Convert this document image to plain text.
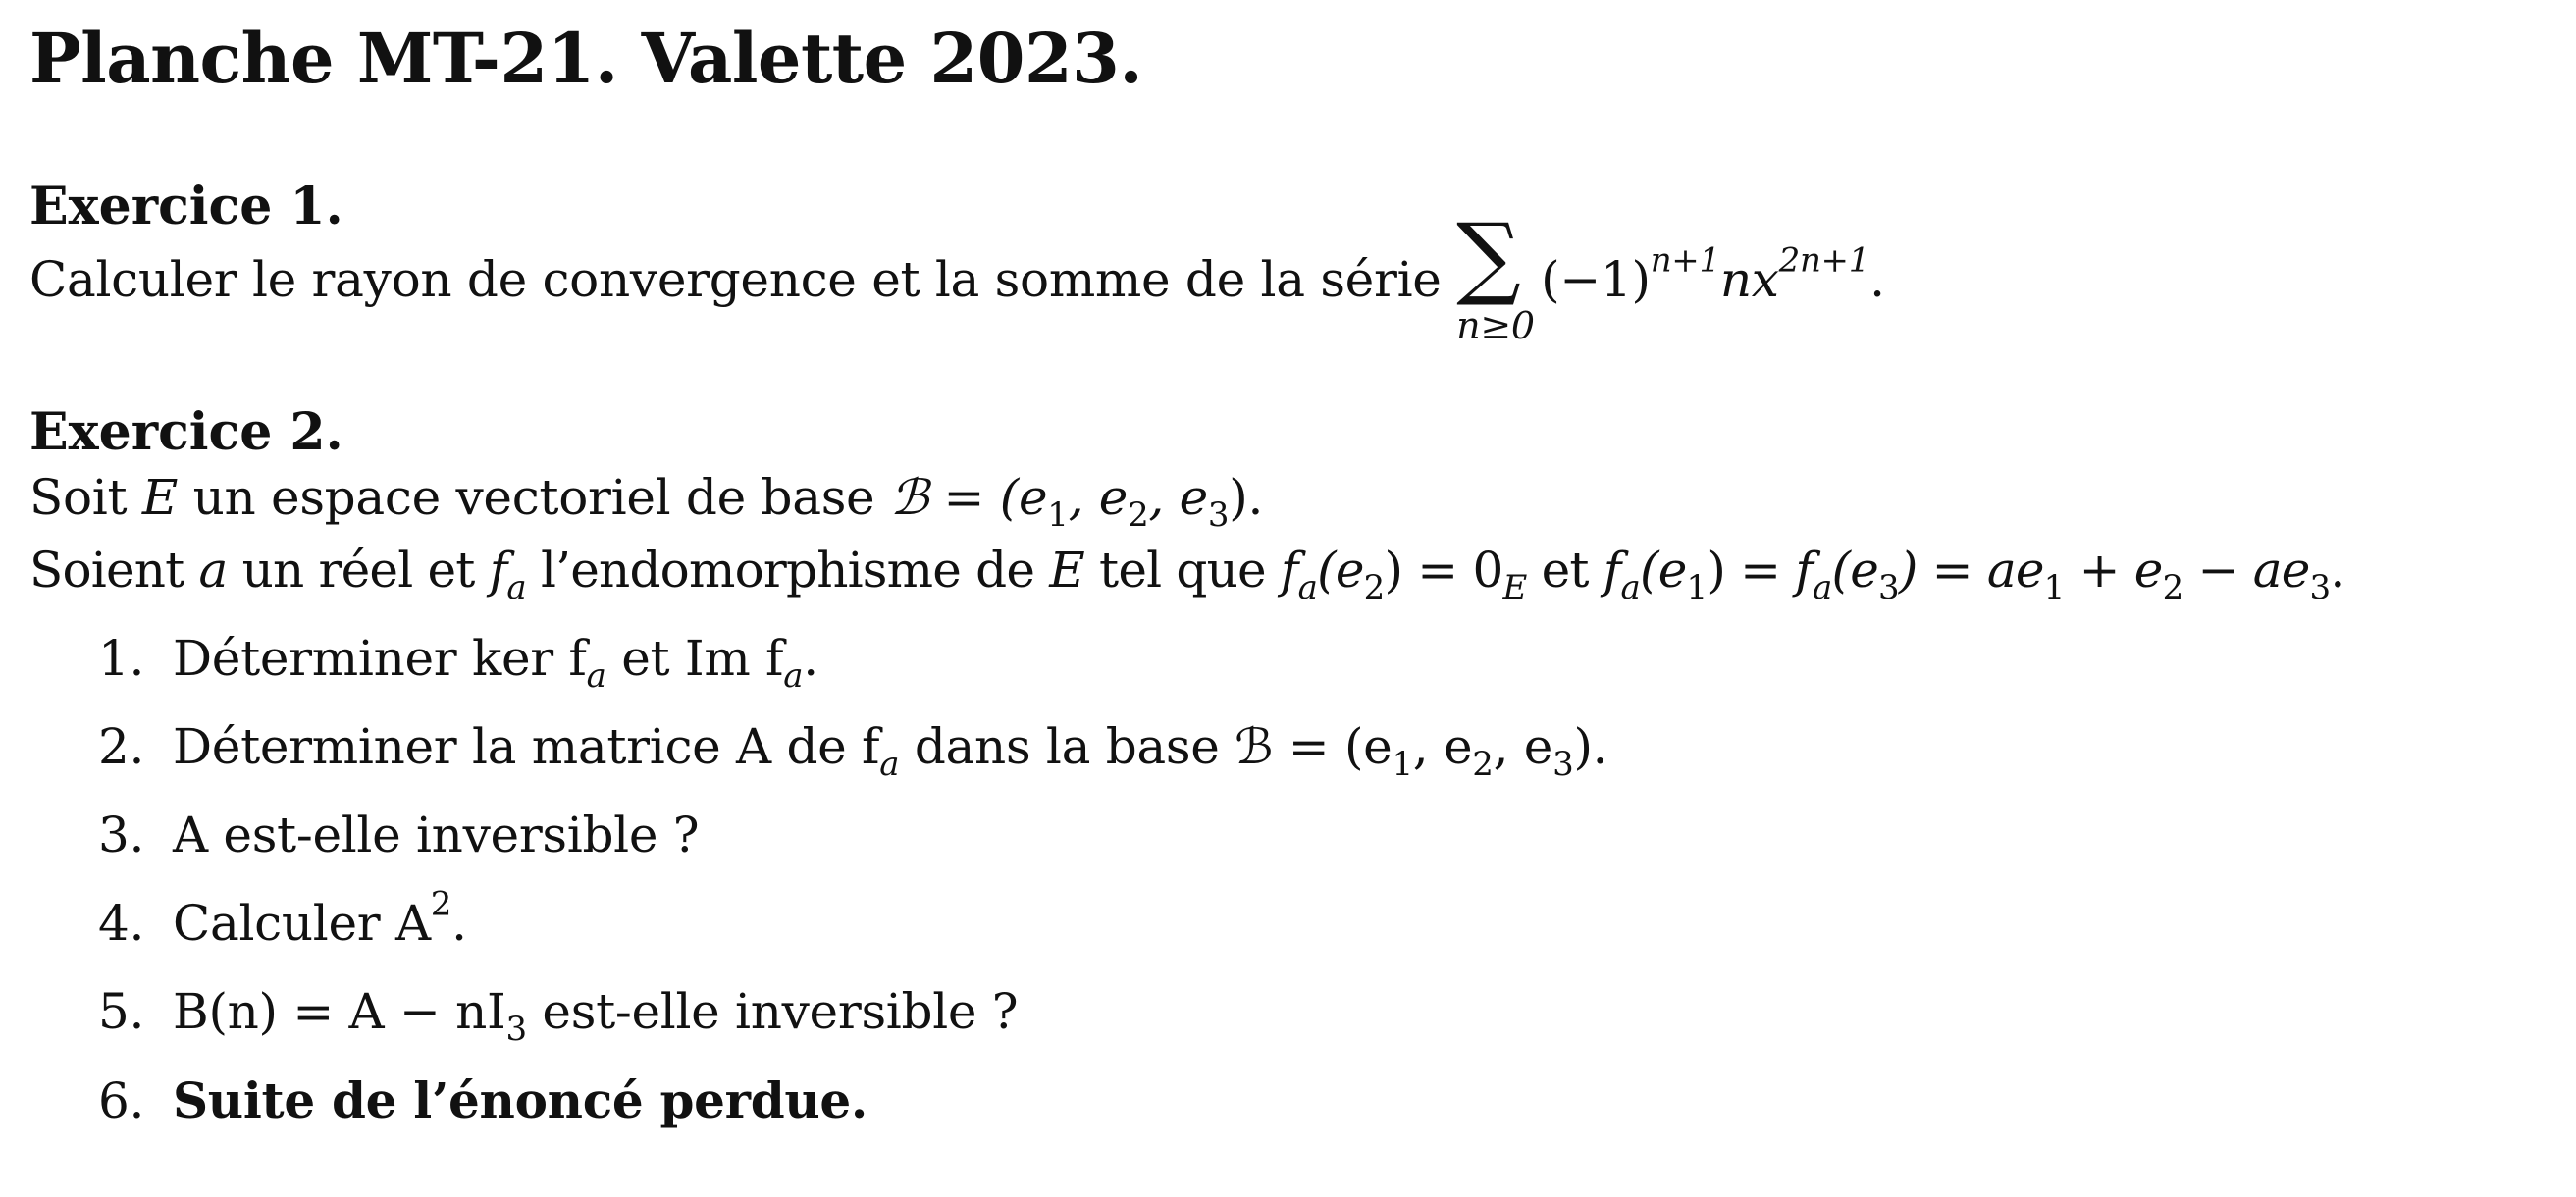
Planche MT-21. Valette 2023.
Exercice 1.
Calculer le rayon de convergence et la somme de la série ∑
n≥0
$(-1)^{n+1}nx^{2n+1}$.
Exercice 2.
Soit E un espace vectoriel de base ℬ = ($e_1$, $e_2$, $e_3$).
Soient a un réel et $f_a$ l’endomorphisme de E tel que $f_a(e_2) = 0_E$ et $f_a(e_1) = f_a(e_3) = ae_1 + e_2 - ae_3$.
1. Déterminer ker $f_a$ et Im $f_a$.
2. Déterminer la matrice A de $f_a$ dans la base ℬ = ($e_1$, $e_2$, $e_3$).
3. A est-elle inversible ?
4. Calculer $A^2$.
5. $B(n) = A - nI_3$ est-elle inversible ?
6. Suite de l’énoncé perdue.
